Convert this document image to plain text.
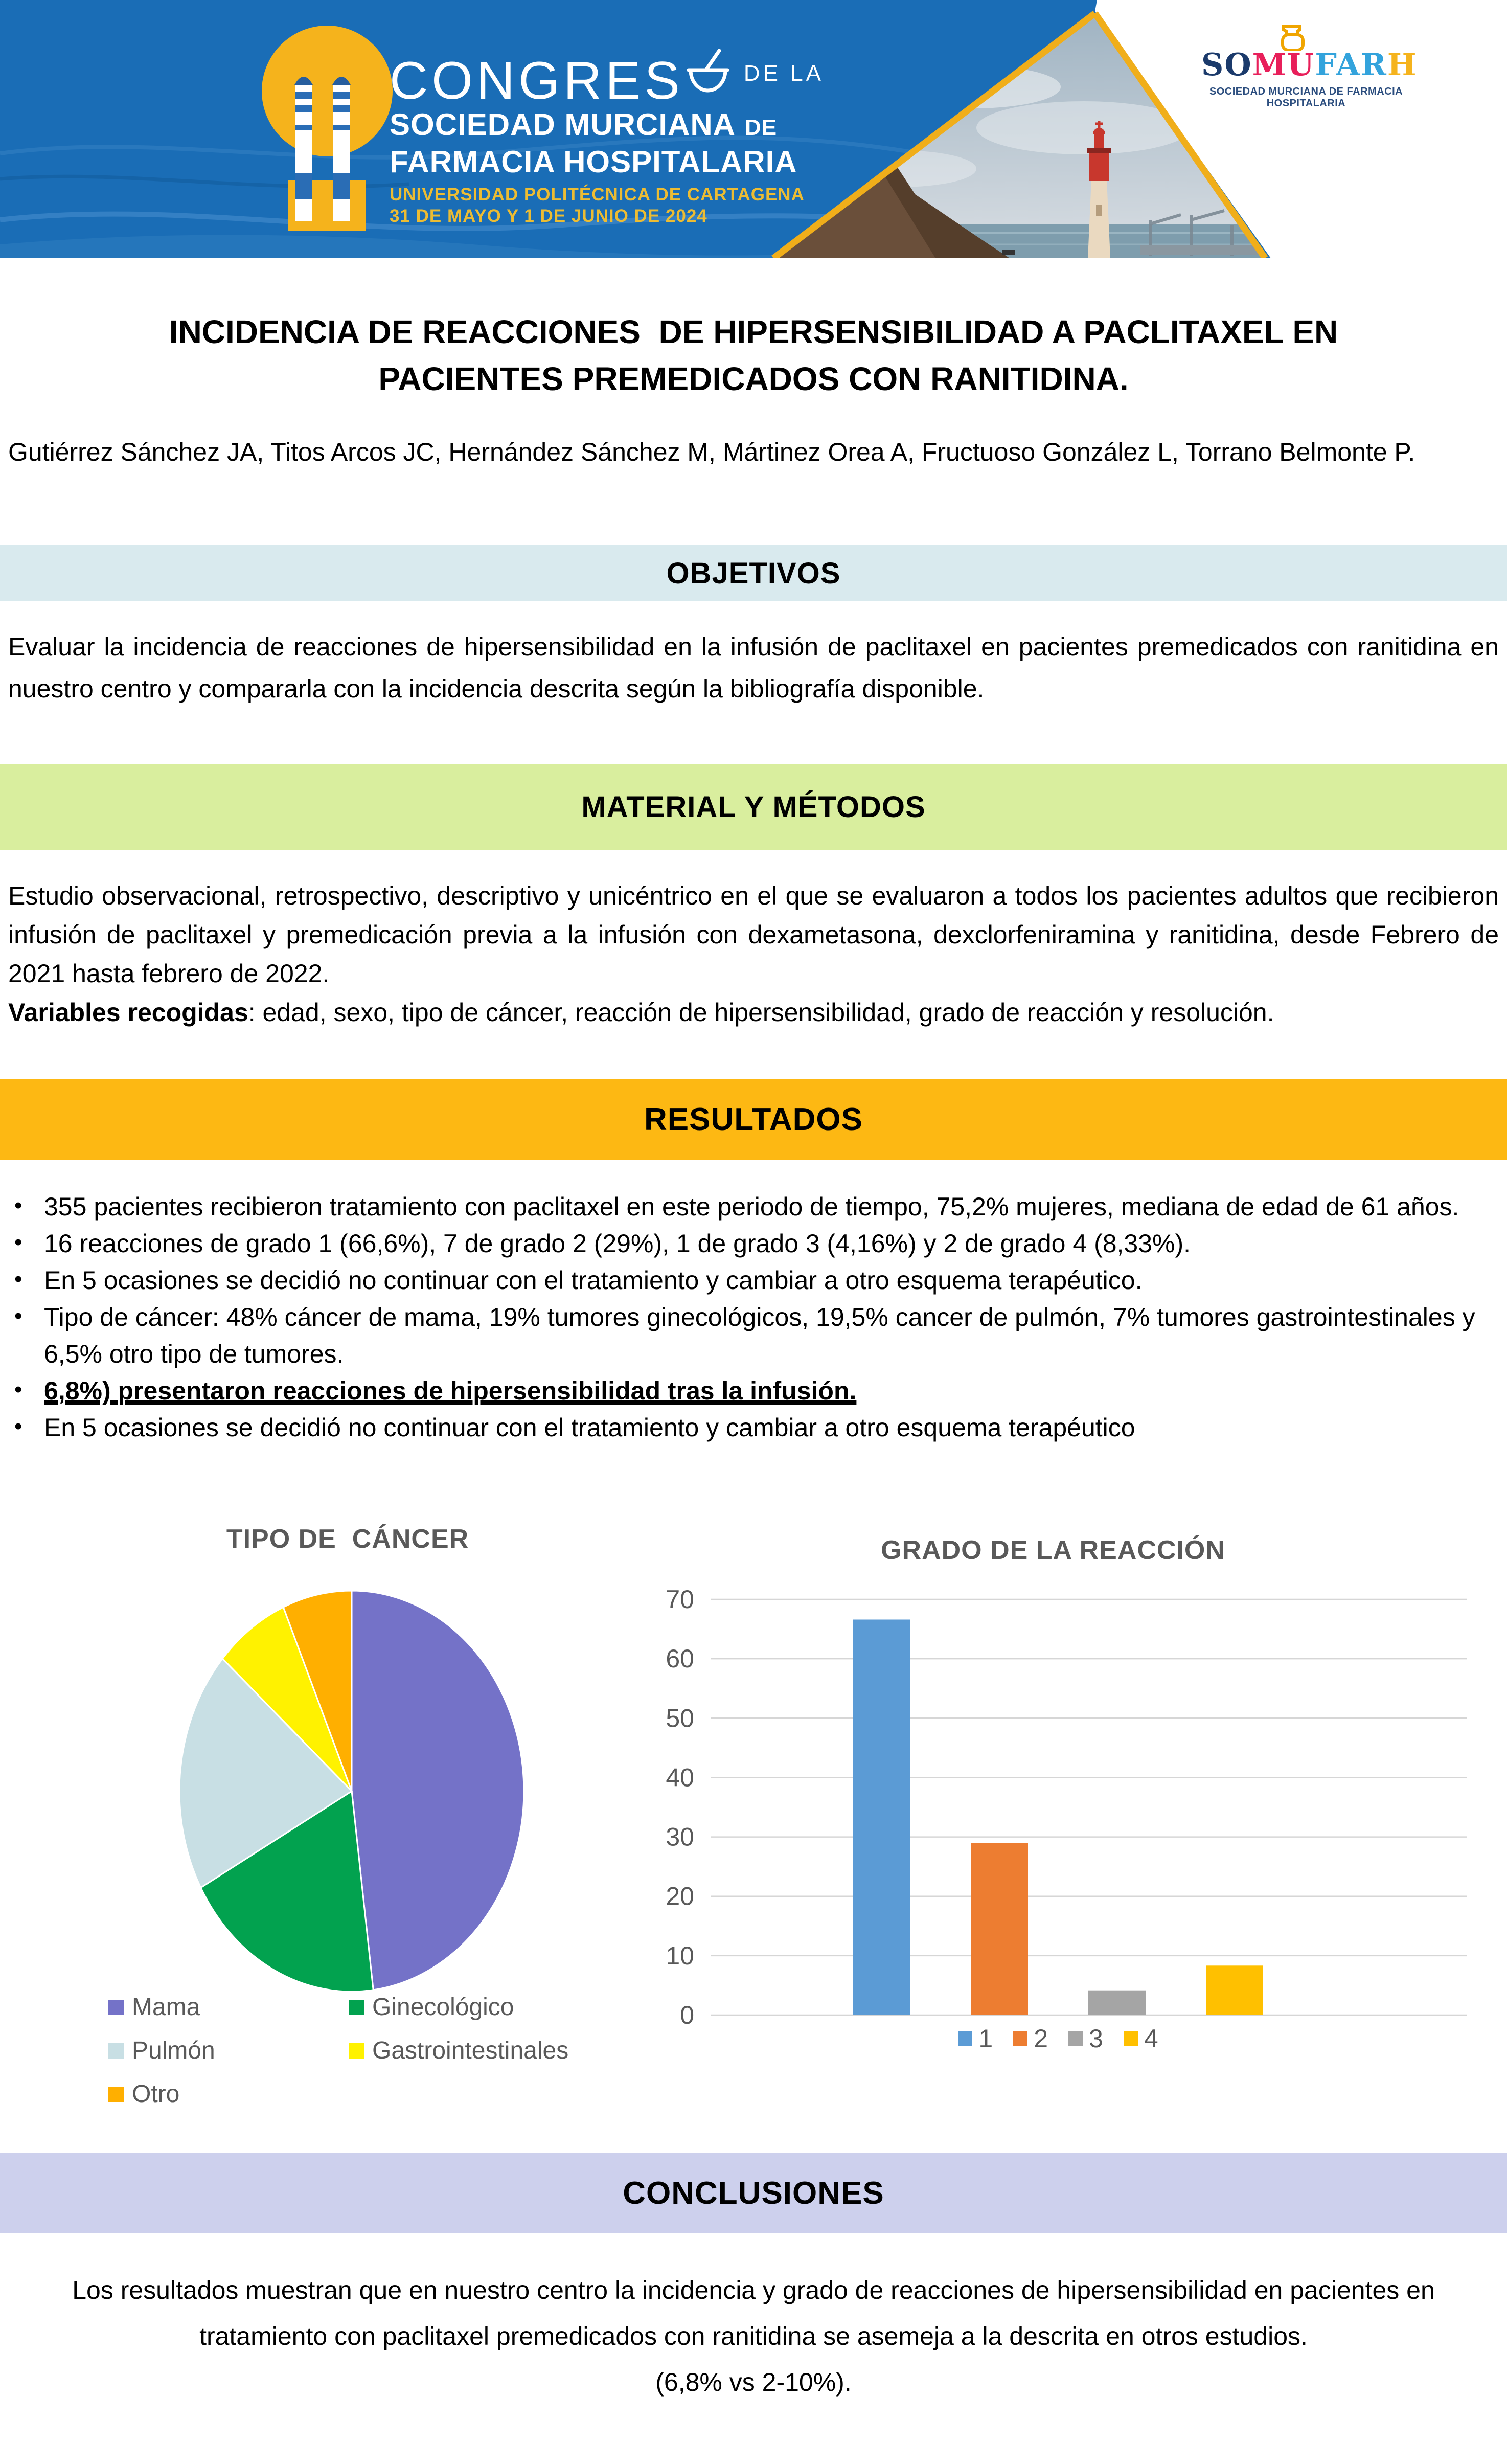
CONGRES	DE LA
SOCIEDAD MURCIANA DE
FARMACIA HOSPITALARIA
UNIVERSIDAD POLITÉCNICA DE CARTAGENA
31 DE MAYO Y 1 DE JUNIO DE 2024
SOMUFARH
SOCIEDAD MURCIANA DE FARMACIA HOSPITALARIA
INCIDENCIA DE REACCIONES  DE HIPERSENSIBILIDAD A PACLITAXEL EN PACIENTES PREMEDICADOS CON RANITIDINA.
Gutiérrez Sánchez JA, Titos Arcos JC, Hernández Sánchez M, Mártinez Orea A, Fructuoso González L, Torrano Belmonte P.
OBJETIVOS
Evaluar la incidencia de reacciones de hipersensibilidad en la infusión de paclitaxel en pacientes premedicados con ranitidina en nuestro centro y compararla con la incidencia descrita según la bibliografía disponible.
MATERIAL Y MÉTODOS
Estudio observacional, retrospectivo, descriptivo y unicéntrico en el que se evaluaron a todos los pacientes adultos que recibieron infusión de paclitaxel y premedicación previa a la infusión con dexametasona, dexclorfeniramina y ranitidina, desde Febrero de 2021 hasta febrero de 2022.
Variables recogidas: edad, sexo, tipo de cáncer, reacción de hipersensibilidad, grado de reacción y resolución.
RESULTADOS
• 355 pacientes recibieron tratamiento con paclitaxel en este periodo de tiempo, 75,2% mujeres, mediana de edad de 61 años.
• 16 reacciones de grado 1 (66,6%), 7 de grado 2 (29%), 1 de grado 3 (4,16%) y 2 de grado 4 (8,33%).
• En 5 ocasiones se decidió no continuar con el tratamiento y cambiar a otro esquema terapéutico.
• Tipo de cáncer: 48% cáncer de mama, 19% tumores ginecológicos, 19,5% cancer de pulmón, 7% tumores gastrointestinales y 6,5% otro tipo de tumores.
• 6,8%) presentaron reacciones de hipersensibilidad tras la infusión.
• En 5 ocasiones se decidió no continuar con el tratamiento y cambiar a otro esquema terapéutico
TIPO DE  CÁNCER	GRADO DE LA REACCIÓN
Mama	Ginecológico
Pulmón	Gastrointestinales
Otro
0
10
20
30
40
50
60
70
1 2 3 4
CONCLUSIONES
Los resultados muestran que en nuestro centro la incidencia y grado de reacciones de hipersensibilidad en pacientes en tratamiento con paclitaxel premedicados con ranitidina se asemeja a la descrita en otros estudios.
(6,8% vs 2-10%).
